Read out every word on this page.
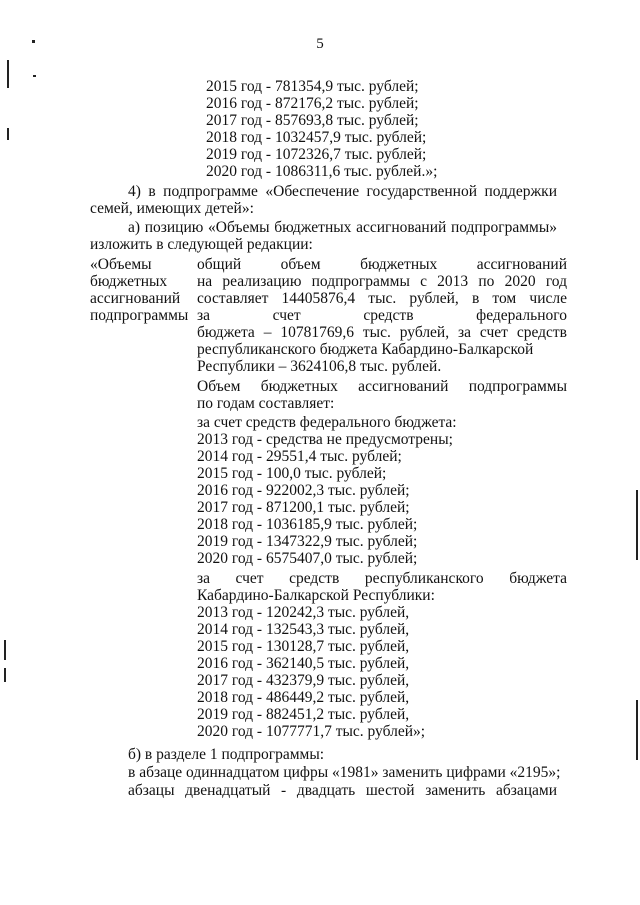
5
2015 год - 781354,9 тыс. рублей;
2016 год - 872176,2 тыс. рублей;
2017 год - 857693,8 тыс. рублей;
2018 год - 1032457,9 тыс. рублей;
2019 год - 1072326,7 тыс. рублей;
2020 год - 1086311,6 тыс. рублей.»;
4) в подпрограмме «Обеспечение государственной поддержки
семей, имеющих детей»:
а) позицию «Объемы бюджетных ассигнований подпрограммы»
изложить в следующей редакции:
«Объемы
бюджетных
ассигнований
подпрограммы
общий объем бюджетных ассигнований
на реализацию подпрограммы с 2013 по 2020 год
составляет 14405876,4 тыс. рублей, в том числе
за счет средств федерального
бюджета – 10781769,6 тыс. рублей, за счет средств
республиканского бюджета Кабардино-Балкарской
Республики – 3624106,8 тыс. рублей.
Объем бюджетных ассигнований подпрограммы
по годам составляет:
за счет средств федерального бюджета:
2013 год - средства не предусмотрены;
2014 год - 29551,4 тыс. рублей;
2015 год - 100,0 тыс. рублей;
2016 год - 922002,3 тыс. рублей;
2017 год - 871200,1 тыс. рублей;
2018 год - 1036185,9 тыс. рублей;
2019 год - 1347322,9 тыс. рублей;
2020 год - 6575407,0 тыс. рублей;
за счет средств республиканского бюджета
Кабардино-Балкарской Республики:
2013 год - 120242,3 тыс. рублей,
2014 год - 132543,3 тыс. рублей,
2015 год - 130128,7 тыс. рублей,
2016 год - 362140,5 тыс. рублей,
2017 год - 432379,9 тыс. рублей,
2018 год - 486449,2 тыс. рублей,
2019 год - 882451,2 тыс. рублей,
2020 год - 1077771,7 тыс. рублей»;
б) в разделе 1 подпрограммы:
в абзаце одиннадцатом цифры «1981» заменить цифрами «2195»;
абзацы двенадцатый - двадцать шестой заменить абзацами
